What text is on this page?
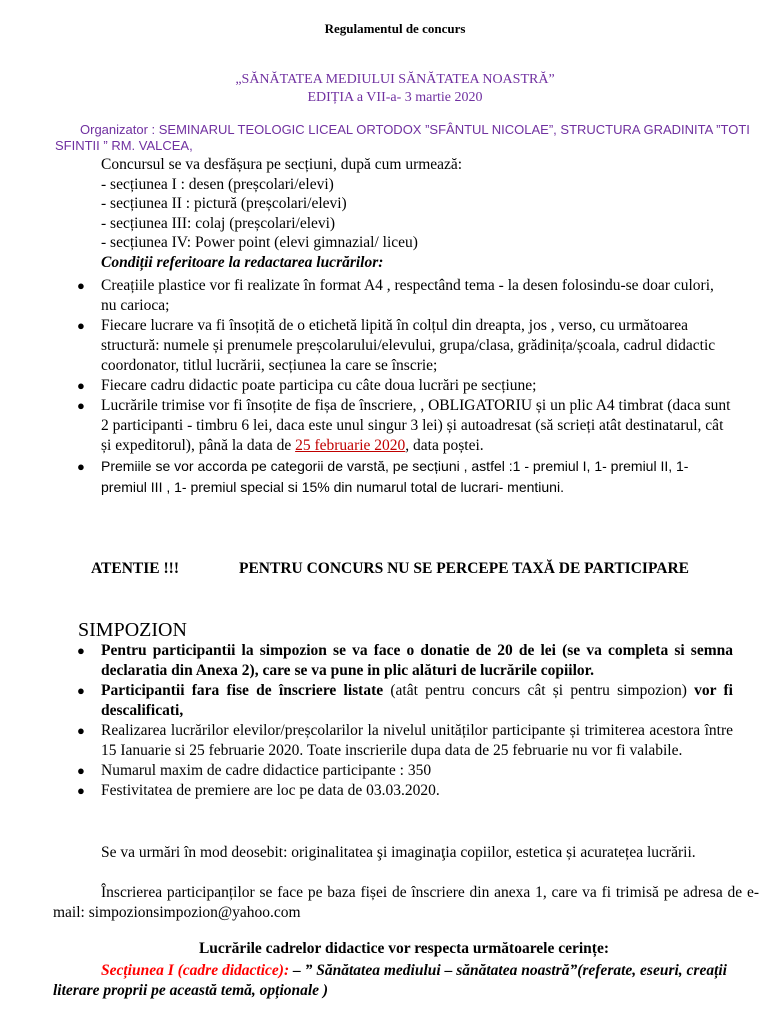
Regulamentul de concurs
„SĂNĂTATEA MEDIULUI SĂNĂTATEA NOASTRĂ”
EDIȚIA a VII-a- 3 martie 2020
Organizator : SEMINARUL TEOLOGIC LICEAL ORTODOX ”SFÂNTUL NICOLAE”, STRUCTURA GRADINITA ”TOTI SFINTII ” RM. VALCEA,
Concursul se va desfășura pe secțiuni, după cum urmează:
- secțiunea I : desen (preșcolari/elevi)
- secțiunea II : pictură (preșcolari/elevi)
- secțiunea III: colaj (preșcolari/elevi)
- secțiunea IV: Power point (elevi gimnazial/ liceu)
Condiții referitoare la redactarea lucrărilor:
● Creațiile plastice vor fi realizate în format A4 , respectând tema - la desen folosindu-se doar culori, nu carioca;
● Fiecare lucrare va fi însoțită de o etichetă lipită în colțul din dreapta, jos , verso, cu următoarea structură: numele și prenumele preșcolarului/elevului, grupa/clasa, grădinița/școala, cadrul didactic coordonator, titlul lucrării, secțiunea la care se înscrie;
● Fiecare cadru didactic poate participa cu câte doua lucrări pe secțiune;
● Lucrările trimise vor fi însoțite de fișa de înscriere, , OBLIGATORIU și un plic A4 timbrat (daca sunt 2 participanti - timbru 6 lei, daca este unul singur 3 lei) și autoadresat (să scrieți atât destinatarul, cât și expeditorul), până la data de 25 februarie 2020, data poștei.
● Premiile se vor accorda pe categorii de varstă, pe secțiuni , astfel :1 - premiul I, 1- premiul II, 1- premiul III , 1- premiul special si 15% din numarul total de lucrari- mentiuni.
ATENTIE !!!	PENTRU CONCURS NU SE PERCEPE TAXĂ DE PARTICIPARE
SIMPOZION
● Pentru participantii la simpozion se va face o donatie de 20 de lei (se va completa si semna declaratia din Anexa 2), care se va pune in plic alături de lucrările copiilor.
● Participantii fara fise de înscriere listate (atât pentru concurs cât și pentru simpozion) vor fi descalificati,
● Realizarea lucrărilor elevilor/preșcolarilor la nivelul unităților participante și trimiterea acestora între 15 Ianuarie si 25 februarie 2020. Toate inscrierile dupa data de 25 februarie nu vor fi valabile.
● Numarul maxim de cadre didactice participante : 350
● Festivitatea de premiere are loc pe data de 03.03.2020.
Se va urmări în mod deosebit: originalitatea şi imaginaţia copiilor, estetica și acuratețea lucrării.
Înscrierea participanților se face pe baza fișei de înscriere din anexa 1, care va fi trimisă pe adresa de e-mail: simpozionsimpozion@yahoo.com
Lucrările cadrelor didactice vor respecta următoarele cerințe:
Secțiunea I (cadre didactice): – ” Sănătatea mediului – sănătatea noastră”(referate, eseuri, creații literare proprii pe această temă, opționale )
